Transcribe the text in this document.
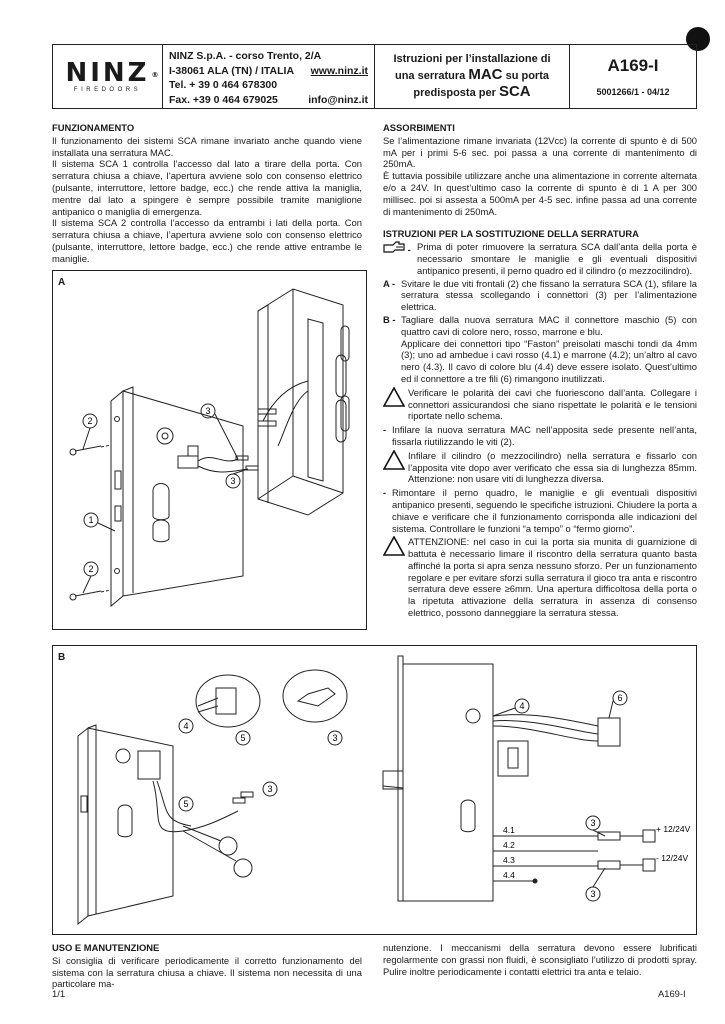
NINZ ®
FIREDOORS
NINZ S.p.A. - corso Trento, 2/A
I-38061 ALA (TN) / ITALIA www.ninz.it
Tel. + 39 0 464 678300
Fax. +39 0 464 679025	info@ninz.it
Istruzioni per l’installazione di
una serratura MAC su porta
predisposta per SCA
A169-I
5001266/1 - 04/12
FUNZIONAMENTO

Il funzionamento dei sistemi SCA rimane invariato anche quando viene installata una serratura MAC.

Il sistema SCA 1 controlla l’accesso dal lato a tirare della porta. Con serratura chiusa a chiave, l’apertura avviene solo con consenso elettrico (pulsante, interruttore, lettore badge, ecc.) che rende attiva la maniglia, mentre dal lato a spingere è sempre possibile tramite maniglione antipanico o maniglia di emergenza.

Il sistema SCA 2 controlla l’accesso da entrambi i lati della porta. Con serratura chiusa a chiave, l’apertura avviene solo con consenso elettrico (pulsante, interruttore, lettore badge, ecc.) che rende attive entrambe le maniglie.

ASSORBIMENTI

Se l’alimentazione rimane invariata (12Vcc) la corrente di spunto è di 500 mA per i primi 5-6 sec. poi passa a una corrente di mantenimento di 250mA.

È tuttavia possibile utilizzare anche una alimentazione in corrente alternata e/o a 24V. In quest’ultimo caso la corrente di spunto è di 1 A per 300 millisec. poi si assesta a 500mA per 4-5 sec. infine passa ad una corrente di mantenimento di 250mA.

ISTRUZIONI PER LA SOSTITUZIONE DELLA SERRATURA
- Prima di poter rimuovere la serratura SCA dall’anta della porta è necessario smontare le maniglie e gli eventuali dispositivi antipanico presenti, il perno quadro ed il cilindro (o mezzocilindro).
A - Svitare le due viti frontali (2) che fissano la serratura SCA (1), sfilare la serratura stessa scollegando i connettori (3) per l’alimentazione elettrica.
B - Tagliare dalla nuova serratura MAC il connettore maschio (5) con quattro cavi di colore nero, rosso, marrone e blu.
Applicare dei connettori tipo “Faston” preisolati maschi tondi da 4mm (3); uno ad ambedue i cavi rosso (4.1) e marrone (4.2); un’altro al cavo nero (4.3). Il cavo di colore blu (4.4) deve essere isolato. Quest’ultimo ed il connettore a tre fili (6) rimangono inutilizzati.
Verificare le polarità dei cavi che fuoriescono dall’anta. Collegare i connettori assicurandosi che siano rispettate le polarità e le tensioni riportate nello schema.
- Infilare la nuova serratura MAC nell’apposita sede presente nell’anta, fissarla riutilizzando le viti (2).
Infilare il cilindro (o mezzocilindro) nella serratura e fissarlo con l’apposita vite dopo aver verificato che essa sia di lunghezza 85mm. Attenzione: non usare viti di lunghezza diversa.
- Rimontare il perno quadro, le maniglie e gli eventuali dispositivi antipanico presenti, seguendo le specifiche istruzioni. Chiudere la porta a chiave e verificare che il funzionamento corrisponda alle indicazioni del sistema. Controllare le funzioni “a tempo” o “fermo giorno”.
ATTENZIONE: nel caso in cui la porta sia munita di guarnizione di battuta è necessario limare il riscontro della serratura quanto basta affinché la porta si apra senza nessuno sforzo. Per un funzionamento regolare e per evitare sforzi sulla serratura il gioco tra anta e riscontro serratura deve essere ≥6mm. Una apertura difficoltosa della porta o la ripetuta attivazione della serratura in assenza di consenso elettrico, possono danneggiare la serratura stessa.
A
2
3
3
1
2
B
4
5	3
5
3
6
4
3
3
4.1
4.2
4.3
4.4
+ 12/24V
- 12/24V
USO E MANUTENZIONE

Si consiglia di verificare periodicamente il corretto funzionamento del sistema con la serratura chiusa a chiave. Il sistema non necessita di una particolare ma-

nutenzione. I meccanismi della serratura devono essere lubrificati regolarmente con grassi non fluidi, è sconsigliato l’utilizzo di prodotti spray. Pulire inoltre periodicamente i contatti elettrici tra anta e telaio.

1/1	A169-I
